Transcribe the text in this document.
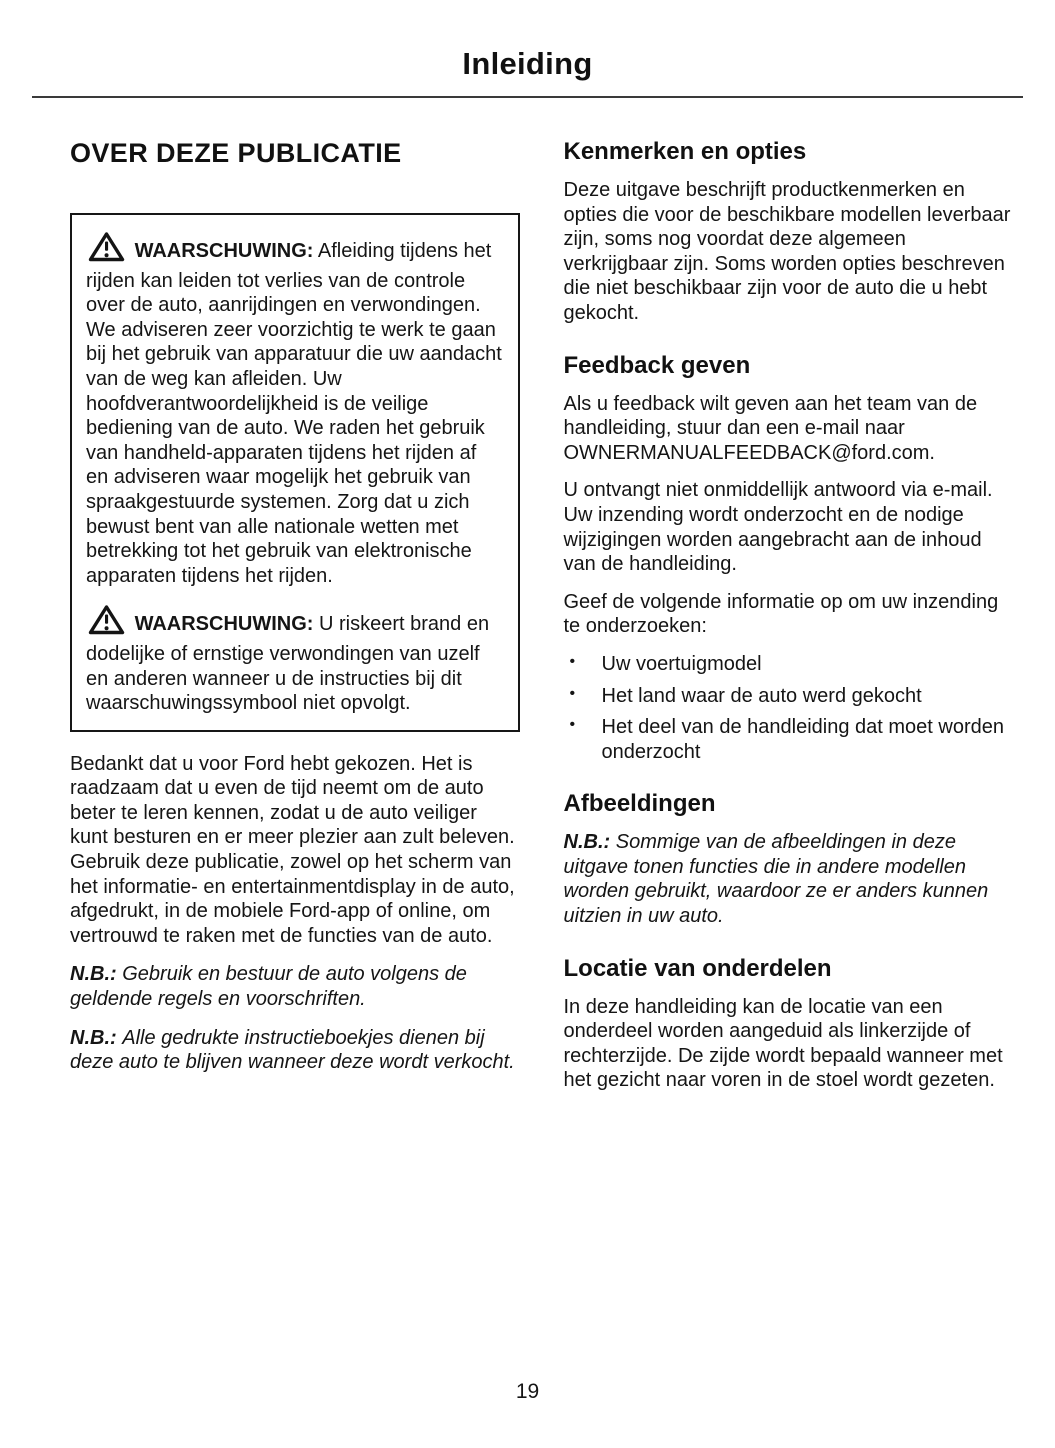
Inleiding
OVER DEZE PUBLICATIE

WAARSCHUWING: Afleiding tijdens het rijden kan leiden tot verlies van de controle over de auto, aanrijdingen en verwondingen. We adviseren zeer voorzichtig te werk te gaan bij het gebruik van apparatuur die uw aandacht van de weg kan afleiden. Uw hoofdverantwoordelijkheid is de veilige bediening van de auto. We raden het gebruik van handheld-apparaten tijdens het rijden af en adviseren waar mogelijk het gebruik van spraakgestuurde systemen. Zorg dat u zich bewust bent van alle nationale wetten met betrekking tot het gebruik van elektronische apparaten tijdens het rijden.

WAARSCHUWING: U riskeert brand en dodelijke of ernstige verwondingen van uzelf en anderen wanneer u de instructies bij dit waarschuwingssymbool niet opvolgt.

Bedankt dat u voor Ford hebt gekozen. Het is raadzaam dat u even de tijd neemt om de auto beter te leren kennen, zodat u de auto veiliger kunt besturen en er meer plezier aan zult beleven. Gebruik deze publicatie, zowel op het scherm van het informatie- en entertainmentdisplay in de auto, afgedrukt, in de mobiele Ford-app of online, om vertrouwd te raken met de functies van de auto.

N.B.: Gebruik en bestuur de auto volgens de geldende regels en voorschriften.

N.B.: Alle gedrukte instructieboekjes dienen bij deze auto te blijven wanneer deze wordt verkocht.

Kenmerken en opties

Deze uitgave beschrijft productkenmerken en opties die voor de beschikbare modellen leverbaar zijn, soms nog voordat deze algemeen verkrijgbaar zijn. Soms worden opties beschreven die niet beschikbaar zijn voor de auto die u hebt gekocht.

Feedback geven

Als u feedback wilt geven aan het team van de handleiding, stuur dan een e-mail naar OWNERMANUALFEEDBACK@ford.com.

U ontvangt niet onmiddellijk antwoord via e-mail. Uw inzending wordt onderzocht en de nodige wijzigingen worden aangebracht aan de inhoud van de handleiding.

Geef de volgende informatie op om uw inzending te onderzoeken:

• Uw voertuigmodel
• Het land waar de auto werd gekocht
• Het deel van de handleiding dat moet worden onderzocht
Afbeeldingen

N.B.: Sommige van de afbeeldingen in deze uitgave tonen functies die in andere modellen worden gebruikt, waardoor ze er anders kunnen uitzien in uw auto.

Locatie van onderdelen

In deze handleiding kan de locatie van een onderdeel worden aangeduid als linkerzijde of rechterzijde. De zijde wordt bepaald wanneer met het gezicht naar voren in de stoel wordt gezeten.

19
